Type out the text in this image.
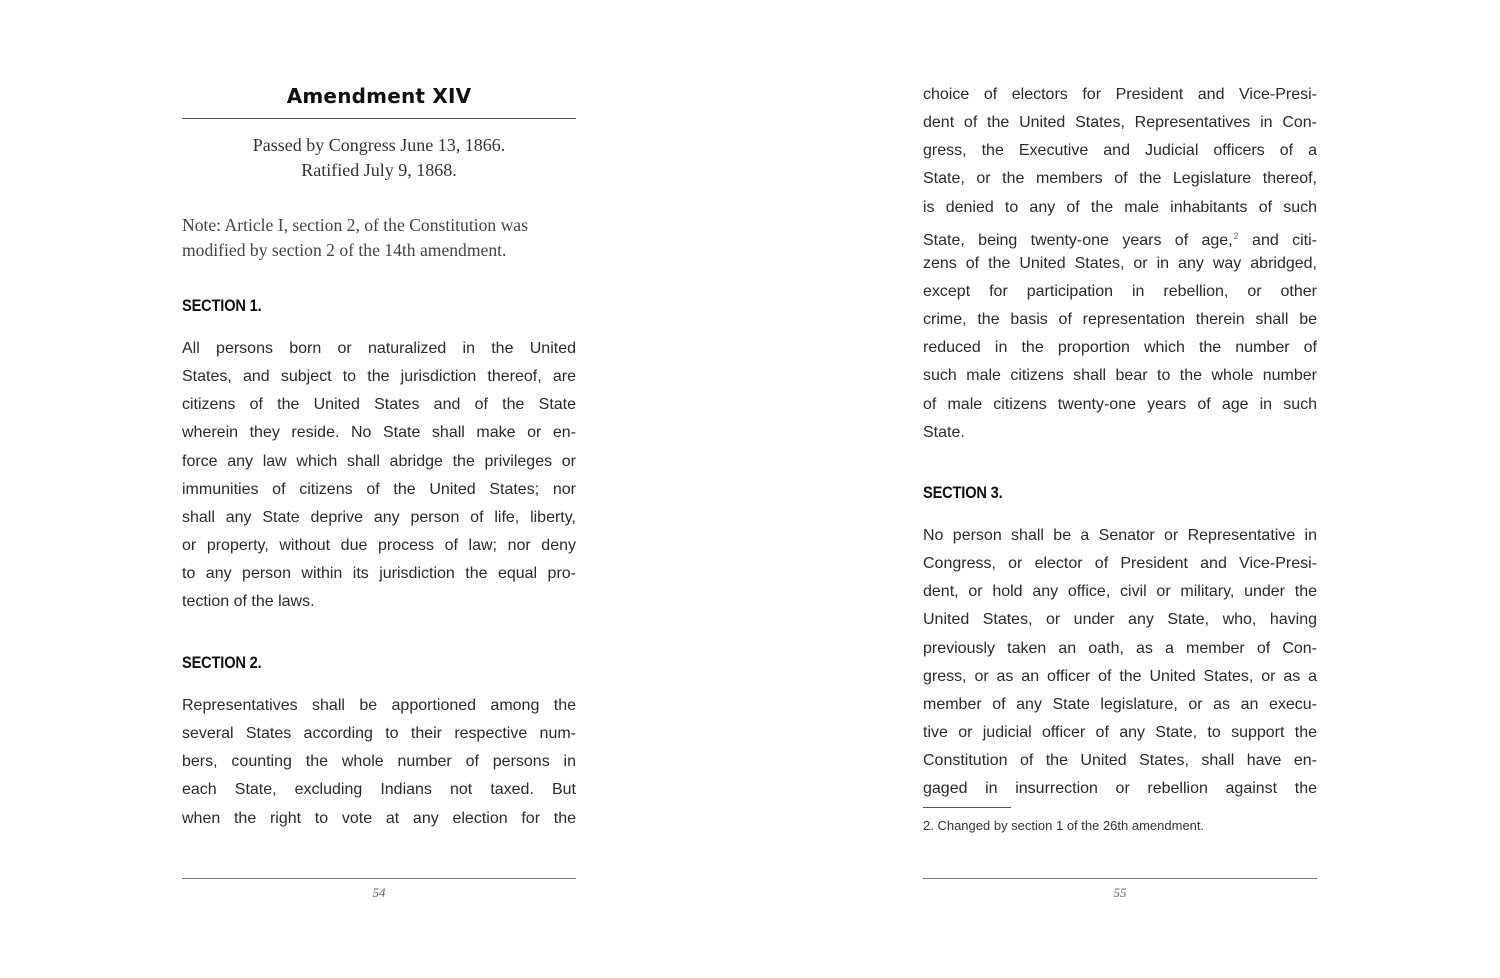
Amendment XIV
Passed by Congress June 13, 1866.
Ratified July 9, 1868.
Note: Article I, section 2, of the Constitution was
modified by section 2 of the 14th amendment.
SECTION 1.
All persons born or naturalized in the United
States, and subject to the jurisdiction thereof, are
citizens of the United States and of the State
wherein they reside. No State shall make or en-
force any law which shall abridge the privileges or
immunities of citizens of the United States; nor
shall any State deprive any person of life, liberty,
or property, without due process of law; nor deny
to any person within its jurisdiction the equal pro-
tection of the laws.
SECTION 2.
Representatives shall be apportioned among the
several States according to their respective num-
bers, counting the whole number of persons in
each State, excluding Indians not taxed. But
when the right to vote at any election for the
54
choice of electors for President and Vice-Presi-
dent of the United States, Representatives in Con-
gress, the Executive and Judicial officers of a
State, or the members of the Legislature thereof,
is denied to any of the male inhabitants of such
State, being twenty-one years of age,$^2$ and citi-
zens of the United States, or in any way abridged,
except for participation in rebellion, or other
crime, the basis of representation therein shall be
reduced in the proportion which the number of
such male citizens shall bear to the whole number
of male citizens twenty-one years of age in such
State.
SECTION 3.
No person shall be a Senator or Representative in
Congress, or elector of President and Vice-Presi-
dent, or hold any office, civil or military, under the
United States, or under any State, who, having
previously taken an oath, as a member of Con-
gress, or as an officer of the United States, or as a
member of any State legislature, or as an execu-
tive or judicial officer of any State, to support the
Constitution of the United States, shall have en-
gaged in insurrection or rebellion against the
2. Changed by section 1 of the 26th amendment.
55
